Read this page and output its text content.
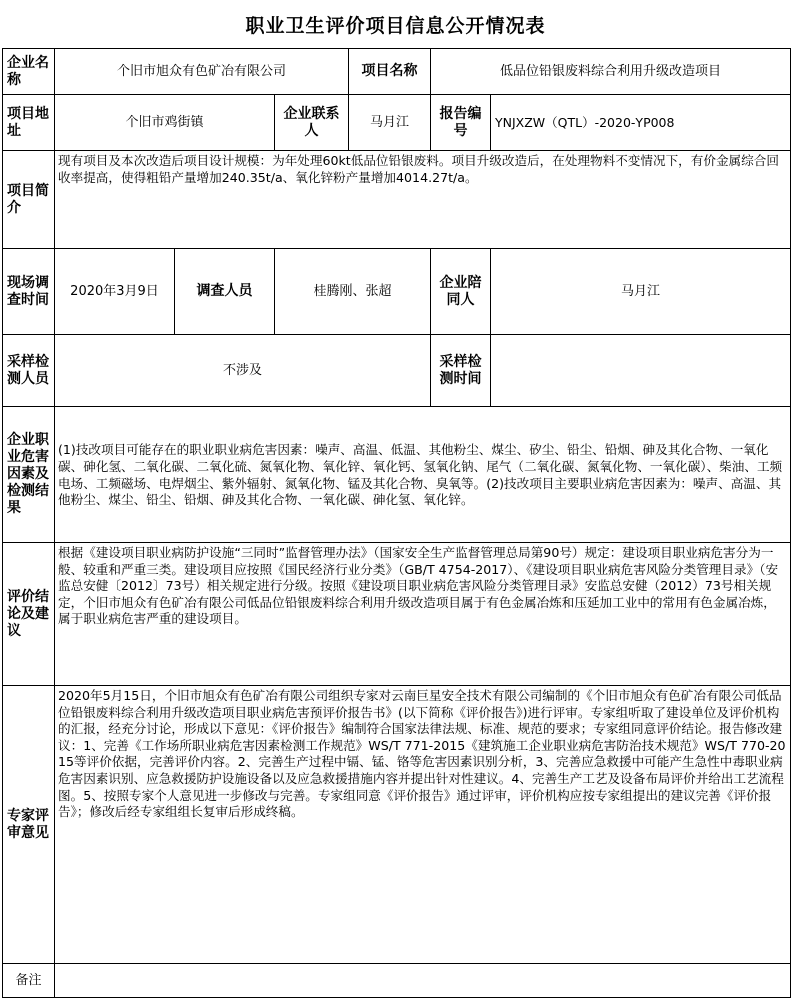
职业卫生评价项目信息公开情况表
企业名称	个旧市旭众有色矿冶有限公司			项目名称	低品位铅银废料综合利用升级改造项目	
项目地址	个旧市鸡街镇		企业联系人	马月江	报告编号	YNJXZW（QTL）-2020-YP008
项目简介	现有项目及本次改造后项目设计规模：为年处理60kt低品位铅银废料。项目升级改造后，在处理物料不变情况下，有价金属综合回收率提高，使得粗铅产量增加240.35t/a、氧化锌粉产量增加4014.27t/a。					
现场调查时间	2020年3月9日	调查人员	桂腾刚、张超		企业陪同人	马月江
采样检测人员	不涉及				采样检测时间	
企业职业危害因素及检测结果	(1)技改项目可能存在的职业职业病危害因素：噪声、高温、低温、其他粉尘、煤尘、矽尘、铅尘、铅烟、砷及其化合物、一氧化碳、砷化氢、二氧化碳、二氧化硫、氮氧化物、氧化锌、氧化钙、氢氧化钠、尾气（二氧化碳、氮氧化物、一氧化碳）、柴油、工频电场、工频磁场、电焊烟尘、紫外辐射、氮氧化物、锰及其化合物、臭氧等。(2)技改项目主要职业病危害因素为：噪声、高温、其他粉尘、煤尘、铅尘、铅烟、砷及其化合物、一氧化碳、砷化氢、氧化锌。					
评价结论及建议	根据《建设项目职业病防护设施“三同时”监督管理办法》（国家安全生产监督管理总局第90号）规定：建设项目职业病危害分为一般、较重和严重三类。建设项目应按照《国民经济行业分类》（GB/T 4754-2017）、《建设项目职业病危害风险分类管理目录》（安监总安健〔2012〕73号）相关规定进行分级。按照《建设项目职业病危害风险分类管理目录》安监总安健（2012）73号相关规定，个旧市旭众有色矿冶有限公司低品位铅银废料综合利用升级改造项目属于有色金属冶炼和压延加工业中的常用有色金属冶炼，属于职业病危害严重的建设项目。					
专家评审意见	2020年5月15日，个旧市旭众有色矿冶有限公司组织专家对云南巨星安全技术有限公司编制的《个旧市旭众有色矿冶有限公司低品位铅银废料综合利用升级改造项目职业病危害预评价报告书》(以下简称《评价报告》)进行评审。专家组听取了建设单位及评价机构的汇报，经充分讨论，形成以下意见：《评价报告》编制符合国家法律法规、标准、规范的要求；专家组同意评价结论。报告修改建议：1、完善《工作场所职业病危害因素检测工作规范》WS/T 771-2015《建筑施工企业职业病危害防治技术规范》WS/T 770-2015等评价依据，完善评价内容。2、完善生产过程中镉、锰、铬等危害因素识别分析，3、完善应急救援中可能产生急性中毒职业病危害因素识别、应急救援防护设施设备以及应急救援措施内容并提出针对性建议。4、完善生产工艺及设备布局评价并给出工艺流程图。5、按照专家个人意见进一步修改与完善。专家组同意《评价报告》通过评审，评价机构应按专家组提出的建议完善《评价报告》；修改后经专家组组长复审后形成终稿。					
备注						
